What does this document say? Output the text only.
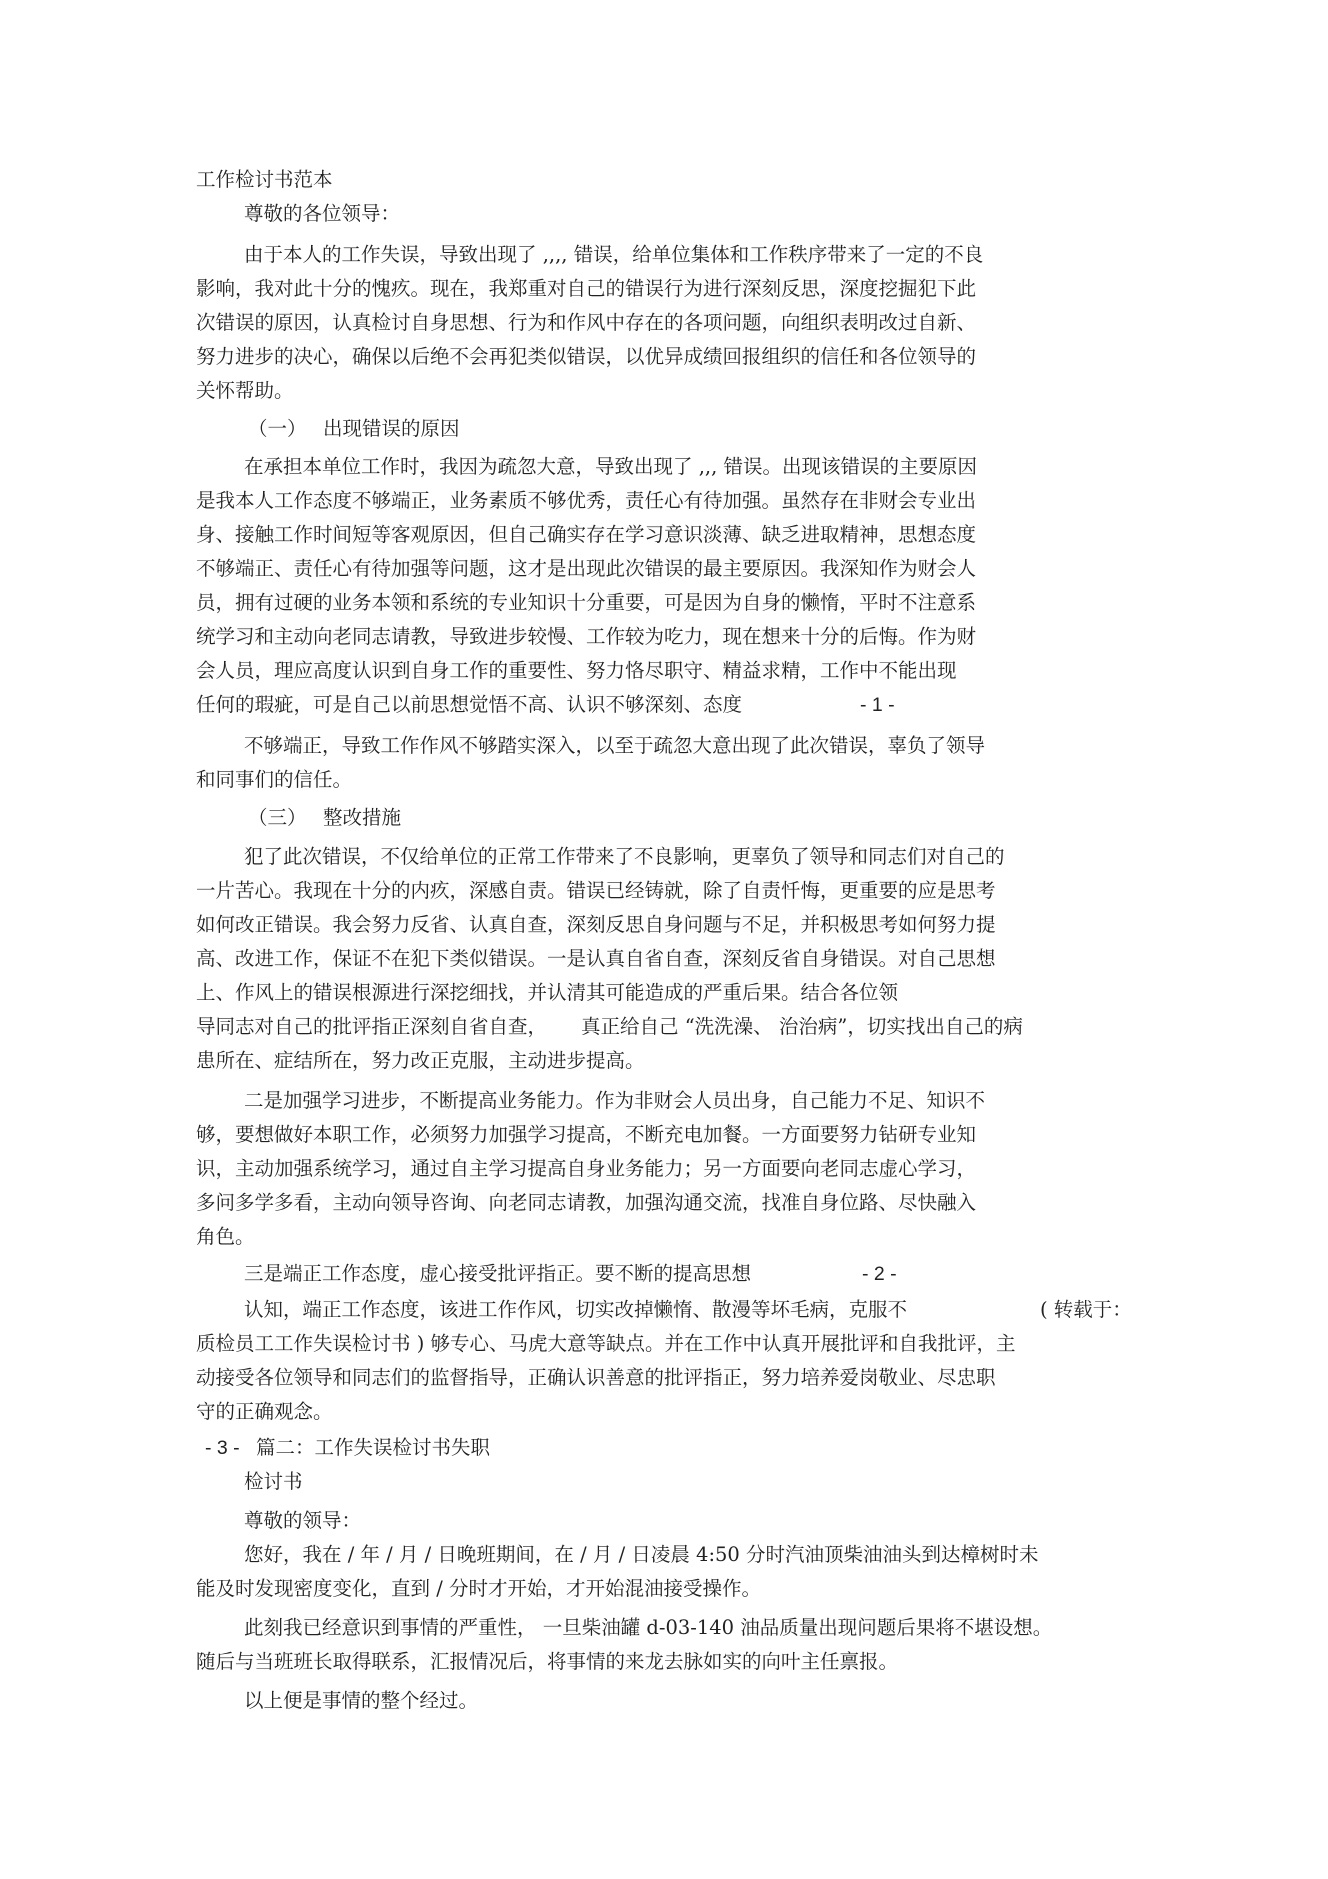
工作检讨书范本
尊敬的各位领导：
由于本人的工作失误，导致出现了 ,,,, 错误，给单位集体和工作秩序带来了一定的不良
影响，我对此十分的愧疚。现在，我郑重对自己的错误行为进行深刻反思，深度挖掘犯下此
次错误的原因，认真检讨自身思想、行为和作风中存在的各项问题，向组织表明改过自新、
努力进步的决心，确保以后绝不会再犯类似错误，以优异成绩回报组织的信任和各位领导的
关怀帮助。
（一） 出现错误的原因
在承担本单位工作时，我因为疏忽大意，导致出现了 ,,, 错误。出现该错误的主要原因
是我本人工作态度不够端正，业务素质不够优秀，责任心有待加强。虽然存在非财会专业出
身、接触工作时间短等客观原因，但自己确实存在学习意识淡薄、缺乏进取精神，思想态度
不够端正、责任心有待加强等问题，这才是出现此次错误的最主要原因。我深知作为财会人
员，拥有过硬的业务本领和系统的专业知识十分重要，可是因为自身的懒惰，平时不注意系
统学习和主动向老同志请教，导致进步较慢、工作较为吃力，现在想来十分的后悔。作为财
会人员，理应高度认识到自身工作的重要性、努力恪尽职守、精益求精，工作中不能出现
任何的瑕疵，可是自己以前思想觉悟不高、认识不够深刻、态度	- 1 -
不够端正，导致工作作风不够踏实深入，以至于疏忽大意出现了此次错误，辜负了领导
和同事们的信任。
（三） 整改措施
犯了此次错误，不仅给单位的正常工作带来了不良影响，更辜负了领导和同志们对自己的
一片苦心。我现在十分的内疚，深感自责。错误已经铸就，除了自责忏悔，更重要的应是思考
如何改正错误。我会努力反省、认真自查，深刻反思自身问题与不足，并积极思考如何努力提
高、改进工作，保证不在犯下类似错误。一是认真自省自查，深刻反省自身错误。对自己思想
上、作风上的错误根源进行深挖细找，并认清其可能造成的严重后果。结合各位领
导同志对自己的批评指正深刻自省自查， 真正给自己 “洗洗澡、 治治病”，切实找出自己的病
患所在、症结所在，努力改正克服，主动进步提高。
二是加强学习进步，不断提高业务能力。作为非财会人员出身，自己能力不足、知识不
够，要想做好本职工作，必须努力加强学习提高，不断充电加餐。一方面要努力钻研专业知
识，主动加强系统学习，通过自主学习提高自身业务能力；另一方面要向老同志虚心学习，
多问多学多看，主动向领导咨询、向老同志请教，加强沟通交流，找准自身位路、尽快融入
角色。
三是端正工作态度，虚心接受批评指正。要不断的提高思想	- 2 -
认知，端正工作态度，该进工作作风，切实改掉懒惰、散漫等坏毛病，克服不	( 转载于：
质检员工工作失误检讨书 ) 够专心、马虎大意等缺点。并在工作中认真开展批评和自我批评，主
动接受各位领导和同志们的监督指导，正确认识善意的批评指正，努力培养爱岗敬业、尽忠职
守的正确观念。
- 3 - 篇二：工作失误检讨书失职
检讨书
尊敬的领导：
您好，我在 / 年 / 月 / 日晚班期间，在 / 月 / 日凌晨 4:50 分时汽油顶柴油油头到达樟树时未
能及时发现密度变化，直到 / 分时才开始，才开始混油接受操作。
此刻我已经意识到事情的严重性， 一旦柴油罐 d-03-140 油品质量出现问题后果将不堪设想。
随后与当班班长取得联系，汇报情况后，将事情的来龙去脉如实的向叶主任禀报。
以上便是事情的整个经过。
